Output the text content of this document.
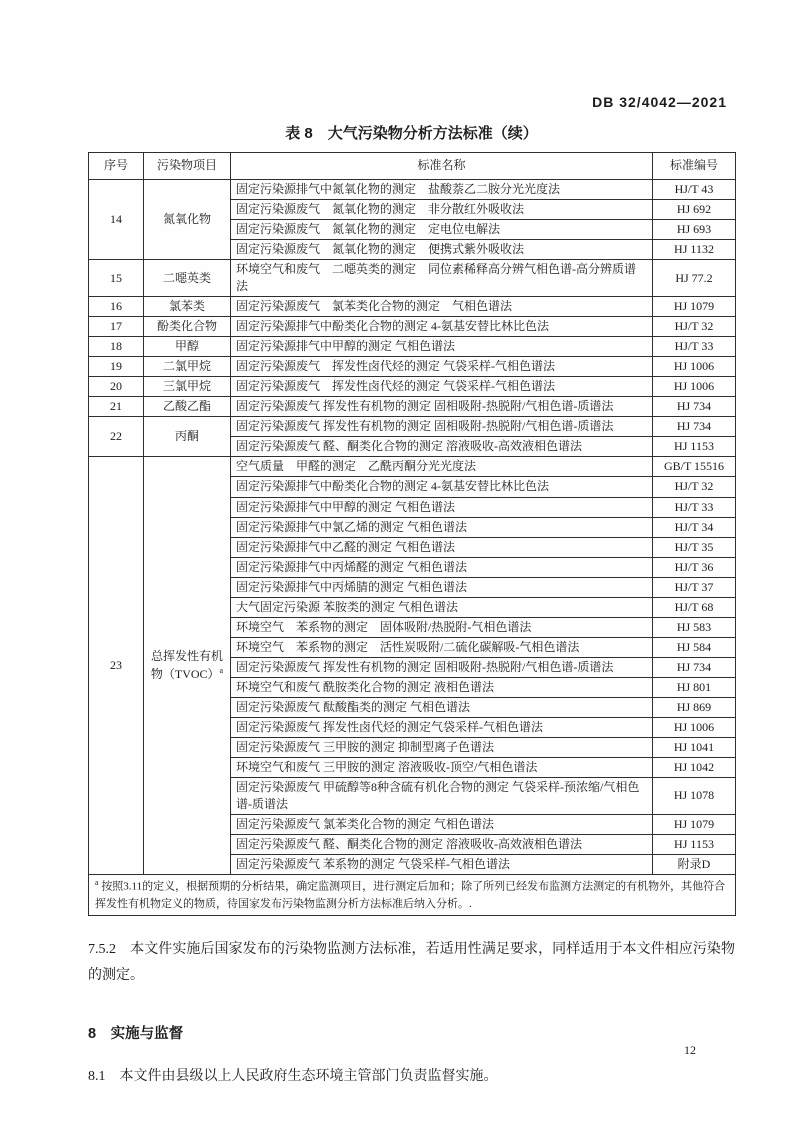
DB 32/4042—2021
表 8　大气污染物分析方法标准（续）
序号	污染物项目	标准名称	标准编号
14	氮氧化物	固定污染源排气中氮氧化物的测定　盐酸萘乙二胺分光光度法	HJ/T 43
		固定污染源废气　氮氧化物的测定　非分散红外吸收法	HJ 692
		固定污染源废气　氮氧化物的测定　定电位电解法	HJ 693
		固定污染源废气　氮氧化物的测定　便携式紫外吸收法	HJ 1132
15	二噁英类	环境空气和废气　二噁英类的测定　同位素稀释高分辨气相色谱-高分辨质谱法	HJ 77.2
16	氯苯类	固定污染源废气　氯苯类化合物的测定　气相色谱法	HJ 1079
17	酚类化合物	固定污染源排气中酚类化合物的测定 4-氨基安替比林比色法	HJ/T 32
18	甲醇	固定污染源排气中甲醇的测定 气相色谱法	HJ/T 33
19	二氯甲烷	固定污染源废气　挥发性卤代烃的测定 气袋采样-气相色谱法	HJ 1006
20	三氯甲烷	固定污染源废气　挥发性卤代烃的测定 气袋采样-气相色谱法	HJ 1006
21	乙酸乙酯	固定污染源废气 挥发性有机物的测定 固相吸附-热脱附/气相色谱-质谱法	HJ 734
22	丙酮	固定污染源废气 挥发性有机物的测定 固相吸附-热脱附/气相色谱-质谱法	HJ 734
		固定污染源废气 醛、酮类化合物的测定 溶液吸收-高效液相色谱法	HJ 1153
23	总挥发性有机物（TVOC）$^a$	空气质量　甲醛的测定　乙酰丙酮分光光度法	GB/T 15516
		固定污染源排气中酚类化合物的测定 4-氨基安替比林比色法	HJ/T 32
		固定污染源排气中甲醇的测定 气相色谱法	HJ/T 33
		固定污染源排气中氯乙烯的测定 气相色谱法	HJ/T 34
		固定污染源排气中乙醛的测定 气相色谱法	HJ/T 35
		固定污染源排气中丙烯醛的测定 气相色谱法	HJ/T 36
		固定污染源排气中丙烯腈的测定 气相色谱法	HJ/T 37
		大气固定污染源 苯胺类的测定 气相色谱法	HJ/T 68
		环境空气　苯系物的测定　固体吸附/热脱附-气相色谱法	HJ 583
		环境空气　苯系物的测定　活性炭吸附/二硫化碳解吸-气相色谱法	HJ 584
		固定污染源废气 挥发性有机物的测定 固相吸附-热脱附/气相色谱-质谱法	HJ 734
		环境空气和废气 酰胺类化合物的测定 液相色谱法	HJ 801
		固定污染源废气 酞酸酯类的测定 气相色谱法	HJ 869
		固定污染源废气 挥发性卤代烃的测定气袋采样-气相色谱法	HJ 1006
		固定污染源废气 三甲胺的测定 抑制型离子色谱法	HJ 1041
		环境空气和废气 三甲胺的测定 溶液吸收-顶空/气相色谱法	HJ 1042
		固定污染源废气 甲硫醇等8种含硫有机化合物的测定 气袋采样-预浓缩/气相色谱-质谱法	HJ 1078
		固定污染源废气 氯苯类化合物的测定 气相色谱法	HJ 1079
		固定污染源废气 醛、酮类化合物的测定 溶液吸收-高效液相色谱法	HJ 1153
		固定污染源废气 苯系物的测定 气袋采样-气相色谱法	附录D
$^a$ 按照3.11的定义，根据预期的分析结果，确定监测项目，进行测定后加和；除了所列已经发布监测方法测定的有机物外，其他符合挥发性有机物定义的物质，待国家发布污染物监测分析方法标准后纳入分析。.			

7.5.2　本文件实施后国家发布的污染物监测方法标准，若适用性满足要求，同样适用于本文件相应污染物的测定。

8　实施与监督

8.1　本文件由县级以上人民政府生态环境主管部门负责监督实施。

12
